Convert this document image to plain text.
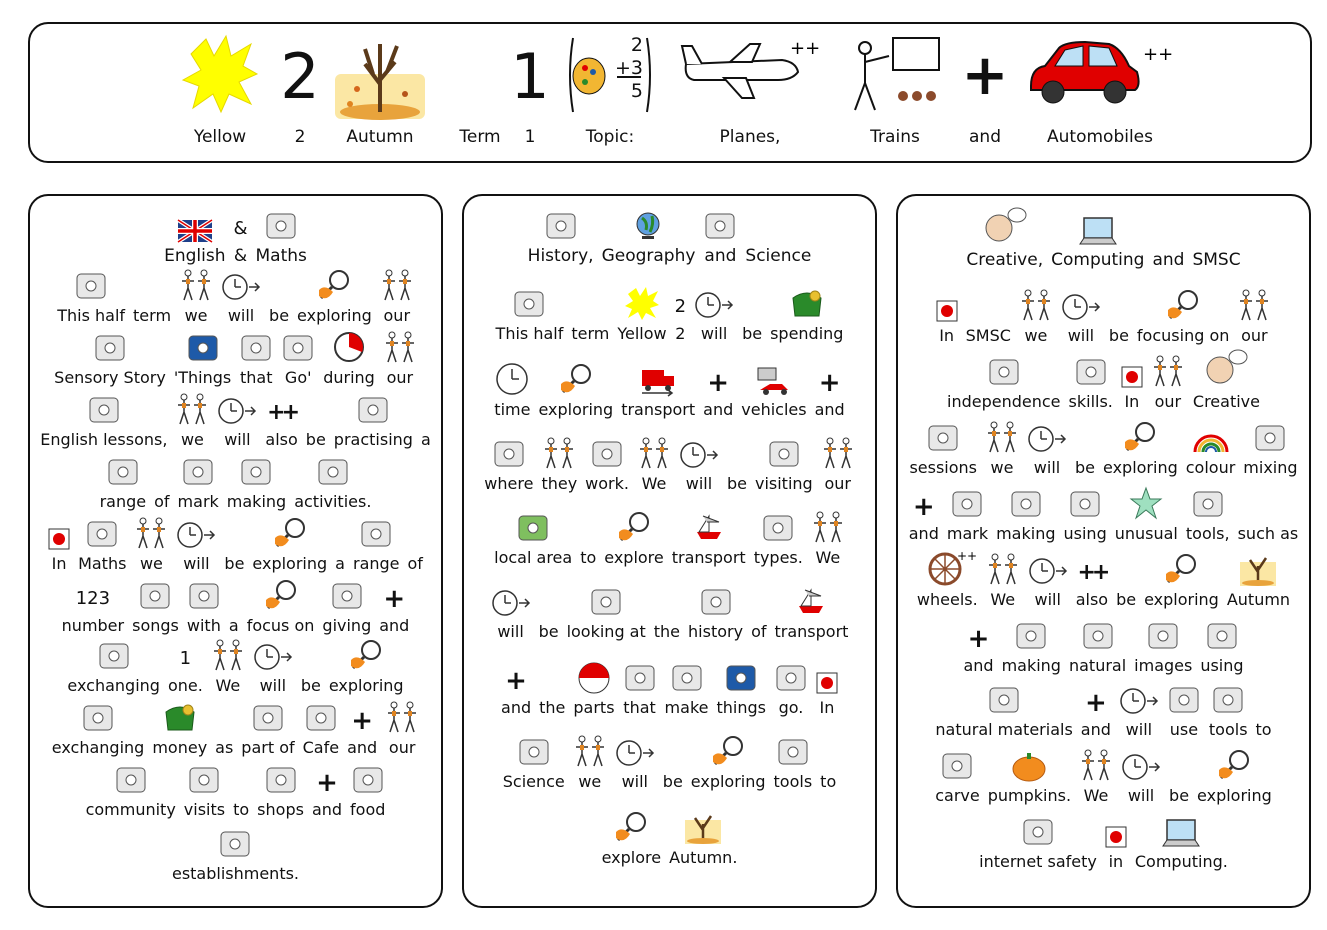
Yellow
2
2 Autumn	Term
1
1
2
+3
5
Topic:
++
Planes,	Trains
+
and
++
Automobiles
English
&
& Maths
This half term we will be exploring our
Sensory Story 'Things that Go' during our
English lessons, we will
++
also be practising a
range of mark making activities.
In Maths we will be exploring a range of
123
number songs with a focus on giving
+
and
exchanging
1
one. We will be exploring
exchanging money as part of Cafe
+
and our
community visits to shops
+
and food
establishments.
History, Geography and Science
This half term Yellow
2
2 will be spending
time exploring transport
+
and vehicles
+
and
where they work. We will be visiting our
local area to explore transport types. We
will be looking at the history of transport
+
and the parts that make things go. In
Science we will be exploring tools to
explore Autumn.
Creative, Computing and SMSC
In SMSC we will be focusing on our
independence skills. In our Creative
sessions we will be exploring colour mixing
+
and mark making using unusual tools, such as
++
wheels. We will
++
also be exploring Autumn
+
and making natural images using
natural materials
+
and will use tools to
carve pumpkins. We will be exploring
internet safety in Computing.
